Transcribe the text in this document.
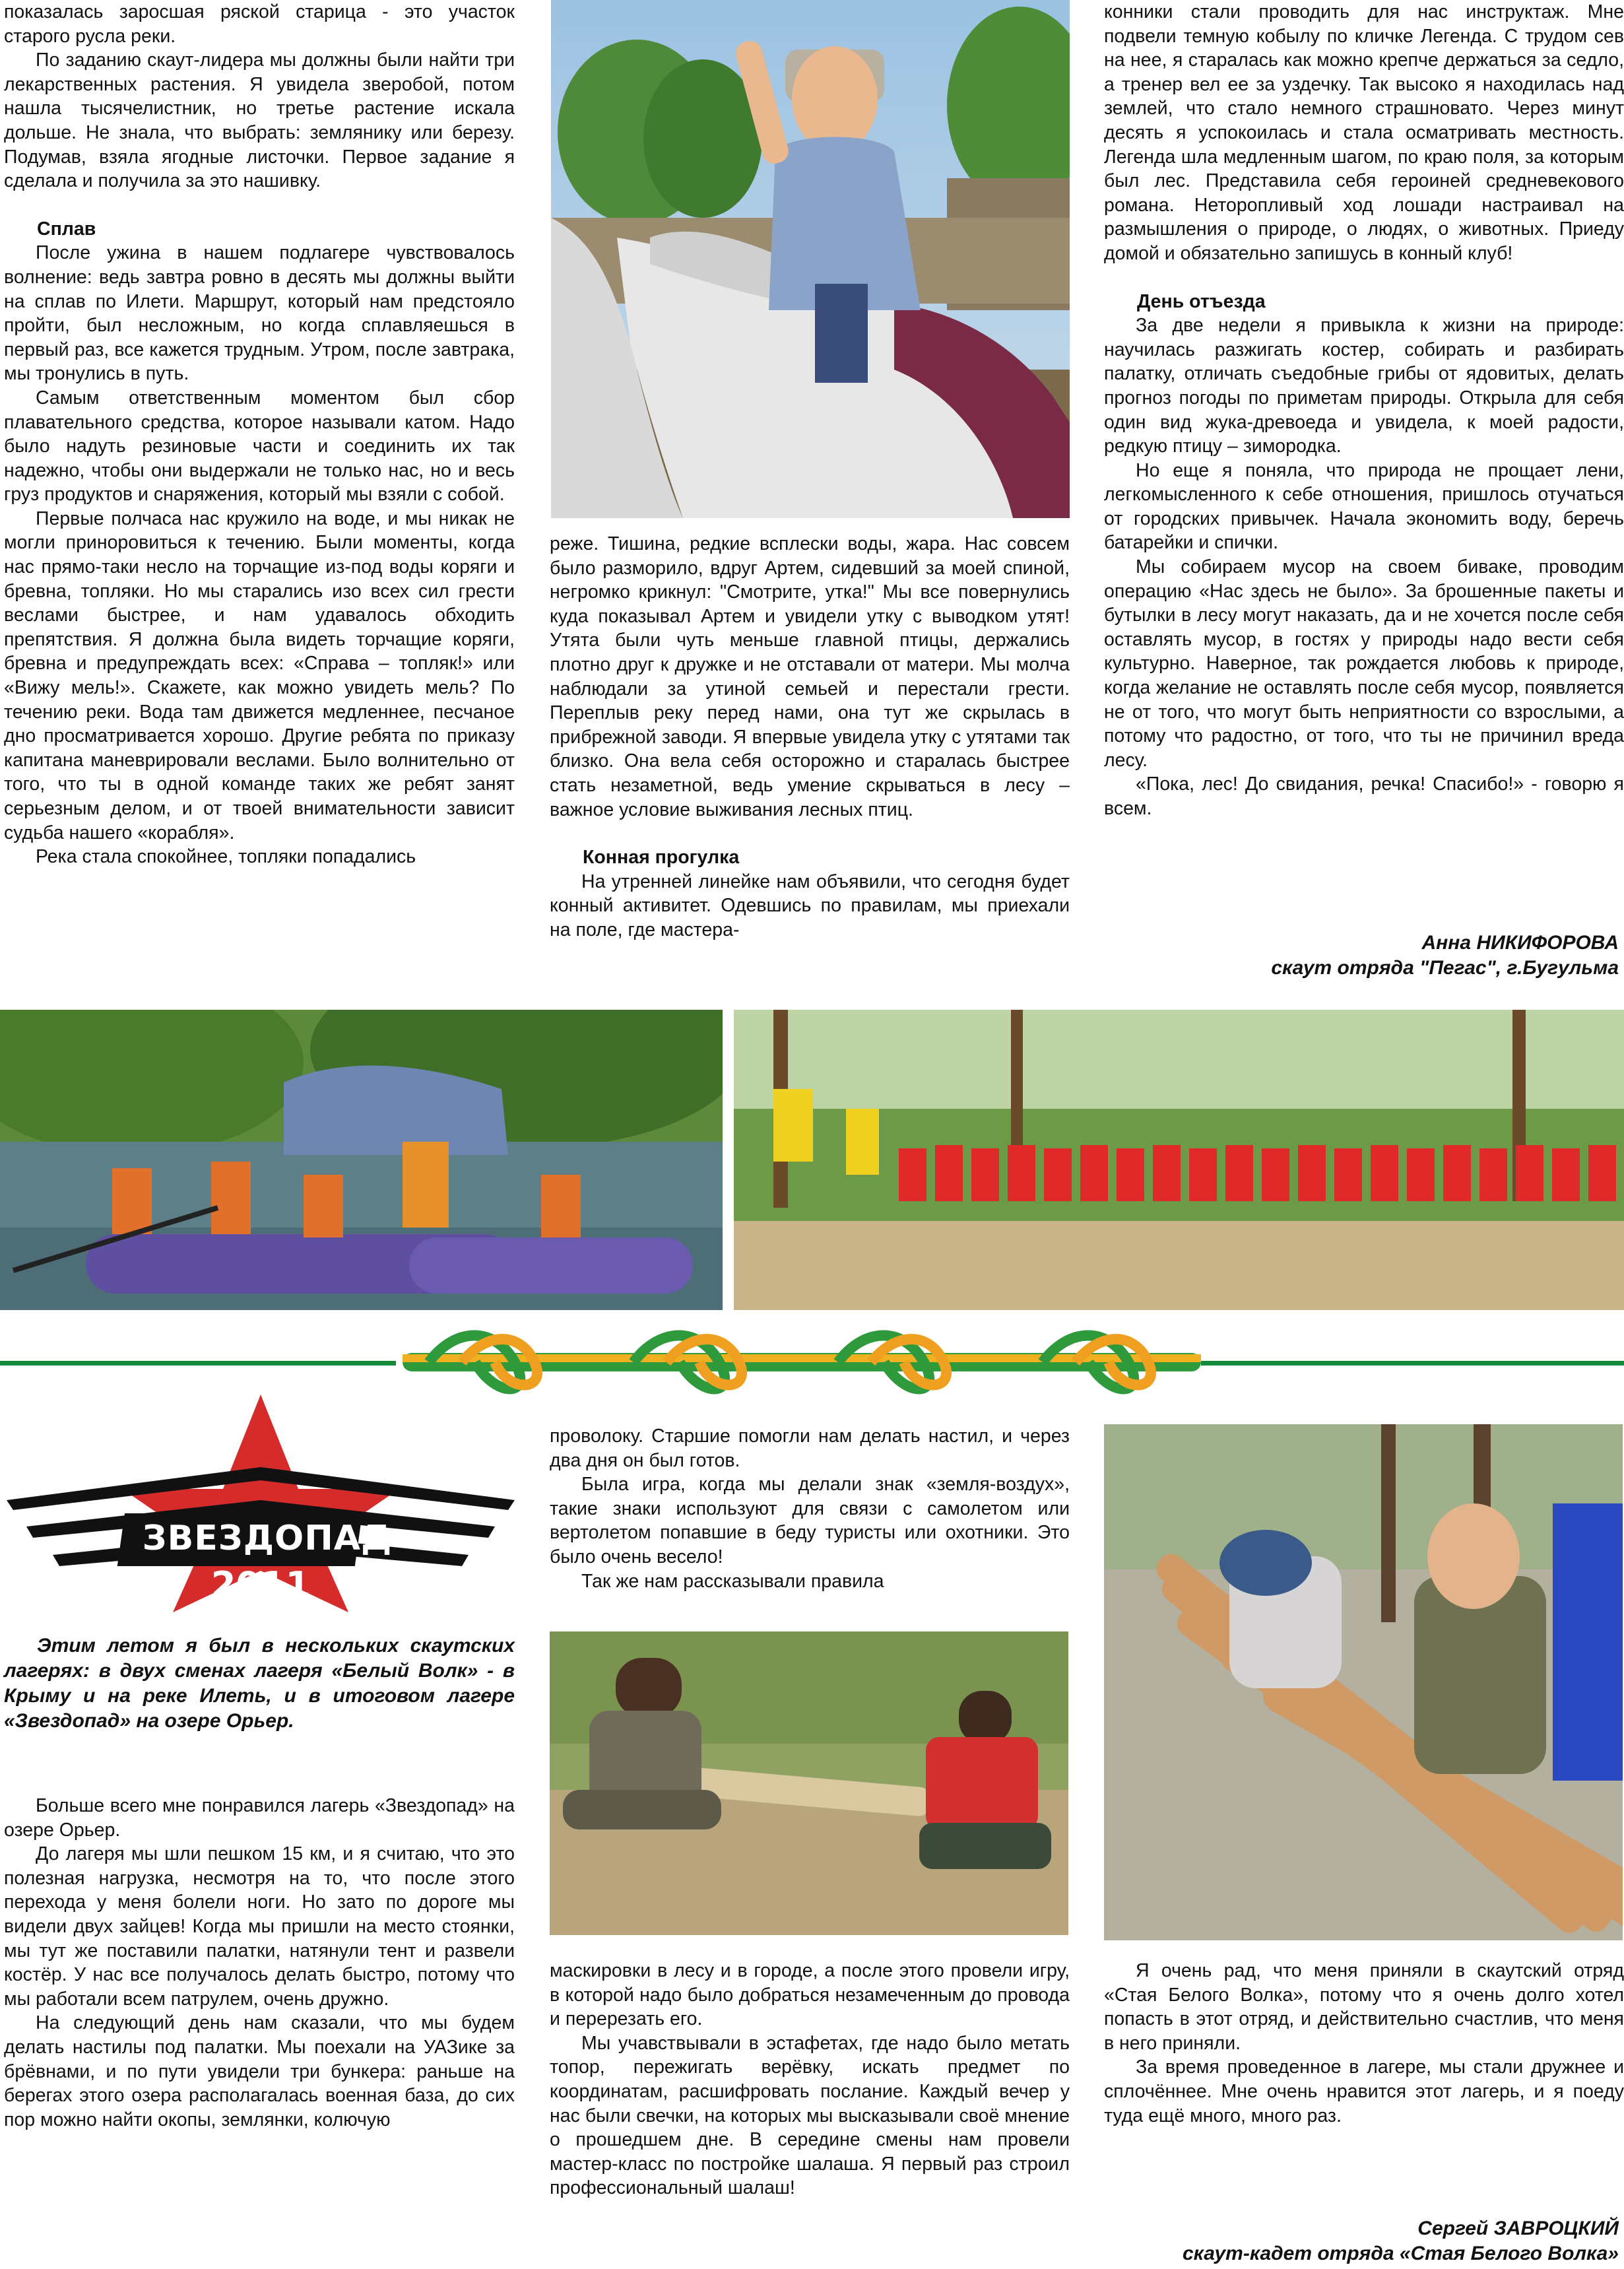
показалась заросшая ряской старица - это участок старого русла реки.

По заданию скаут-лидера мы должны были найти три лекарственных растения. Я увидела зверобой, потом нашла тысячелистник, но третье растение искала дольше. Не знала, что выбрать: землянику или березу. Подумав, взяла ягодные листочки. Первое задание я сделала и получила за это нашивку.

Сплав

После ужина в нашем подлагере чувствовалось волнение: ведь завтра ровно в десять мы должны выйти на сплав по Илети. Маршрут, который нам предстояло пройти, был несложным, но когда сплавляешься в первый раз, все кажется трудным. Утром, после завтрака, мы тронулись в путь.

Самым ответственным моментом был сбор плавательного средства, которое называли катом. Надо было надуть резиновые части и соединить их так надежно, чтобы они выдержали не только нас, но и весь груз продуктов и снаряжения, который мы взяли с собой.

Первые полчаса нас кружило на воде, и мы никак не могли приноровиться к течению. Были моменты, когда нас прямо-таки несло на торчащие из-под воды коряги и бревна, топляки. Но мы старались изо всех сил грести веслами быстрее, и нам удавалось обходить препятствия. Я должна была видеть торчащие коряги, бревна и предупреждать всех: «Справа – топляк!» или «Вижу мель!». Скажете, как можно увидеть мель? По течению реки. Вода там движется медленнее, песчаное дно просматривается хорошо. Другие ребята по приказу капитана маневрировали веслами. Было волнительно от того, что ты в одной команде таких же ребят занят серьезным делом, и от твоей внимательности зависит судьба нашего «корабля».

Река стала спокойнее, топляки попадались

реже. Тишина, редкие всплески воды, жара. Нас совсем было разморило, вдруг Артем, сидевший за моей спиной, негромко крикнул: "Смотрите, утка!" Мы все повернулись куда показывал Артем и увидели утку с выводком утят! Утята были чуть меньше главной птицы, держались плотно друг к дружке и не отставали от матери. Мы молча наблюдали за утиной семьей и перестали грести. Переплыв реку перед нами, она тут же скрылась в прибрежной заводи. Я впервые увидела утку с утятами так близко. Она вела себя осторожно и старалась быстрее стать незаметной, ведь умение скрываться в лесу – важное условие выживания лесных птиц.

Конная прогулка

На утренней линейке нам объявили, что сегодня будет конный активитет. Одевшись по правилам, мы приехали на поле, где мастера-

конники стали проводить для нас инструктаж. Мне подвели темную кобылу по кличке Легенда. С трудом сев на нее, я старалась как можно крепче держаться за седло, а тренер вел ее за уздечку. Так высоко я находилась над землей, что стало немного страшновато. Через минут десять я успокоилась и стала осматривать местность. Легенда шла медленным шагом, по краю поля, за которым был лес. Представила себя героиней средневекового романа. Неторопливый ход лошади настраивал на размышления о природе, о людях, о животных. Приеду домой и обязательно запишусь в конный клуб!

День отъезда

За две недели я привыкла к жизни на природе: научилась разжигать костер, собирать и разбирать палатку, отличать съедобные грибы от ядовитых, делать прогноз погоды по приметам природы. Открыла для себя один вид жука-древоеда и увидела, к моей радости, редкую птицу – зимородка.

Но еще я поняла, что природа не прощает лени, легкомысленного к себе отношения, пришлось отучаться от городских привычек. Начала экономить воду, беречь батарейки и спички.

Мы собираем мусор на своем биваке, проводим операцию «Нас здесь не было». За брошенные пакеты и бутылки в лесу могут наказать, да и не хочется после себя оставлять мусор, в гостях у природы надо вести себя культурно. Наверное, так рождается любовь к природе, когда желание не оставлять после себя мусор, появляется не от того, что могут быть неприятности со взрослыми, а потому что радостно, от того, что ты не причинил вреда лесу.

«Пока, лес! До свидания, речка! Спасибо!» - говорю я всем.

Анна НИКИФОРОВА
скаут отряда "Пегас", г.Бугульма
ЗВЕЗДОПАД
2011
Этим летом я был в нескольких скаутских лагерях: в двух сменах лагеря «Белый Волк» - в Крыму и на реке Илеть, и в итоговом лагере «Звездопад» на озере Орьер.

Больше всего мне понравился лагерь «Звездопад» на озере Орьер.

До лагеря мы шли пешком 15 км, и я считаю, что это полезная нагрузка, несмотря на то, что после этого перехода у меня болели ноги. Но зато по дороге мы видели двух зайцев! Когда мы пришли на место стоянки, мы тут же поставили палатки, натянули тент и развели костёр. У нас все получалось делать быстро, потому что мы работали всем патрулем, очень дружно.

На следующий день нам сказали, что мы будем делать настилы под палатки. Мы поехали на УАЗике за брёвнами, и по пути увидели три бункера: раньше на берегах этого озера располагалась военная база, до сих пор можно найти окопы, землянки, колючую

проволоку. Старшие помогли нам делать настил, и через два дня он был готов.

Была игра, когда мы делали знак «земля-воздух», такие знаки используют для связи с самолетом или вертолетом попавшие в беду туристы или охотники. Это было очень весело!

Так же нам рассказывали правила

маскировки в лесу и в городе, а после этого провели игру, в которой надо было добраться незамеченным до провода и перерезать его.

Мы учавствывали в эстафетах, где надо было метать топор, пережигать верёвку, искать предмет по координатам, расшифровать послание. Каждый вечер у нас были свечки, на которых мы высказывали своё мнение о прошедшем дне. В середине смены нам провели мастер-класс по постройке шалаша. Я первый раз строил профессиональный шалаш!

Я очень рад, что меня приняли в скаутский отряд «Стая Белого Волка», потому что я очень долго хотел попасть в этот отряд, и действительно счастлив, что меня в него приняли.

За время проведенное в лагере, мы стали дружнее и сплочённее. Мне очень нравится этот лагерь, и я поеду туда ещё много, много раз.

Сергей ЗАВРОЦКИЙ
скаут-кадет отряда «Стая Белого Волка»
